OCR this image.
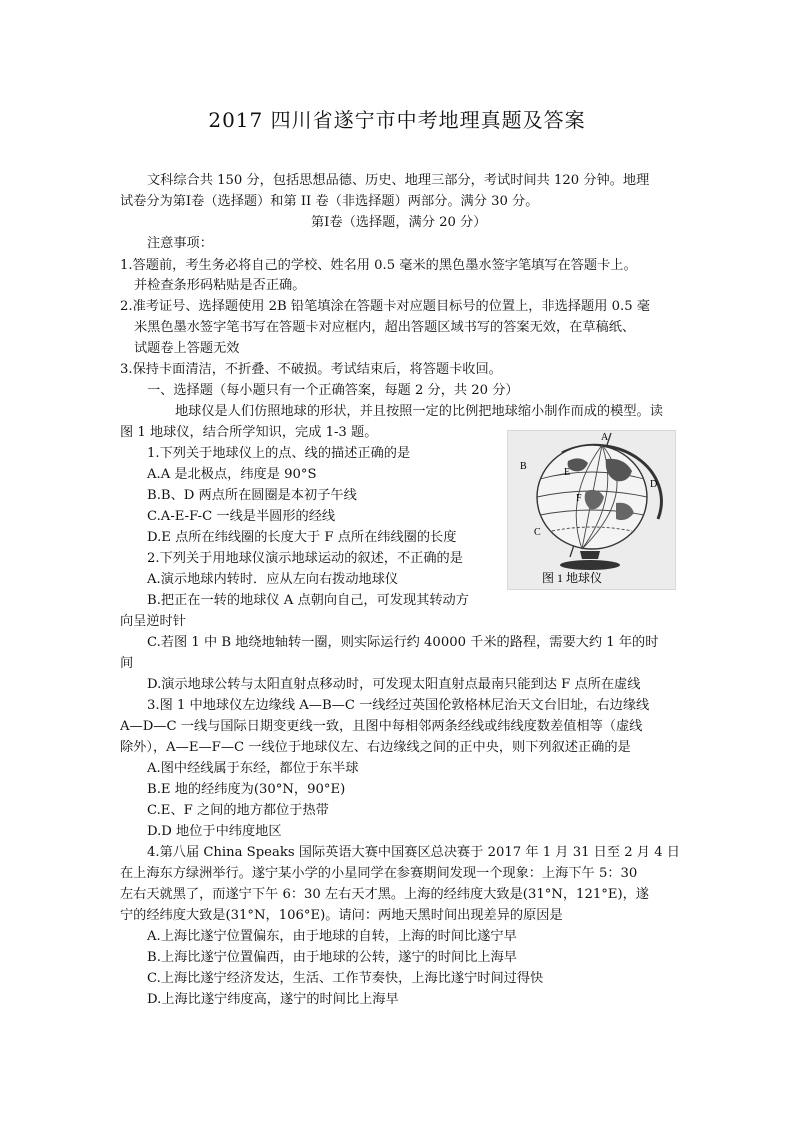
2017 四川省遂宁市中考地理真题及答案
文科综合共 150 分，包括思想品德、历史、地理三部分，考试时间共 120 分钟。地理
试卷分为第Ⅰ卷（选择题）和第 II 卷（非选择题）两部分。满分 30 分。
第Ⅰ卷（选择题，满分 20 分）
注意事项：
1.答题前，考生务必将自己的学校、姓名用 0.5 毫米的黑色墨水签字笔填写在答题卡上。
并检查条形码粘贴是否正确。
2.准考证号、选择题使用 2B 铅笔填涂在答题卡对应题目标号的位置上，非选择题用 0.5 毫
米黑色墨水签字笔书写在答题卡对应框内，超出答题区域书写的答案无效，在草稿纸、
试题卷上答题无效
3.保持卡面清洁，不折叠、不破损。考试结束后，将答题卡收回。
一、选择题（每小题只有一个正确答案，每题 2 分，共 20 分）
地球仪是人们仿照地球的形状，并且按照一定的比例把地球缩小制作而成的模型。读
图 1 地球仪，结合所学知识，完成 1-3 题。
1.下列关于地球仪上的点、线的描述正确的是
A.A 是北极点，纬度是 90°S
B.B、D 两点所在圆圈是本初子午线
C.A-E-F-C 一线是半圆形的经线
D.E 点所在纬线圈的长度大于 F 点所在纬线圈的长度
2.下列关于用地球仪演示地球运动的叙述，不正确的是
A.演示地球内转时．应从左向右拨动地球仪
B.把正在一转的地球仪 A 点朝向自己，可发现其转动方
向呈逆时针
C.若图 1 中 B 地绕地轴转一圈，则实际运行约 40000 千米的路程，需要大约 1 年的时
间
D.演示地球公转与太阳直射点移动时，可发现太阳直射点最南只能到达 F 点所在虚线
3.图 1 中地球仪左边缘线 A—B—C 一线经过英国伦敦格林尼治天文台旧址，右边缘线
A—D—C 一线与国际日期变更线一致，且图中每相邻两条经线或纬线度数差值相等（虚线
除外），A—E—F—C 一线位于地球仪左、右边缘线之间的正中央，则下列叙述正确的是
A.图中经线属于东经，都位于东半球
B.E 地的经纬度为(30°N，90°E)
C.E、F 之间的地方都位于热带
D.D 地位于中纬度地区
4.第八届 China Speaks 国际英语大赛中国赛区总决赛于 2017 年 1 月 31 日至 2 月 4 日
在上海东方绿洲举行。遂宁某小学的小星同学在参赛期间发现一个现象：上海下午 5：30
左右天就黑了，而遂宁下午 6：30 左右天才黑。上海的经纬度大致是(31°N，121°E)，遂
宁的经纬度大致是(31°N，106°E)。请问：两地天黑时间出现差异的原因是
A.上海比遂宁位置偏东，由于地球的自转，上海的时间比遂宁早
B.上海比遂宁位置偏西，由于地球的公转，遂宁的时间比上海早
C.上海比遂宁经济发达，生活、工作节奏快，上海比遂宁时间过得快
D.上海比遂宁纬度高，遂宁的时间比上海早
A
B
C
D
E
F
图 1 地球仪
